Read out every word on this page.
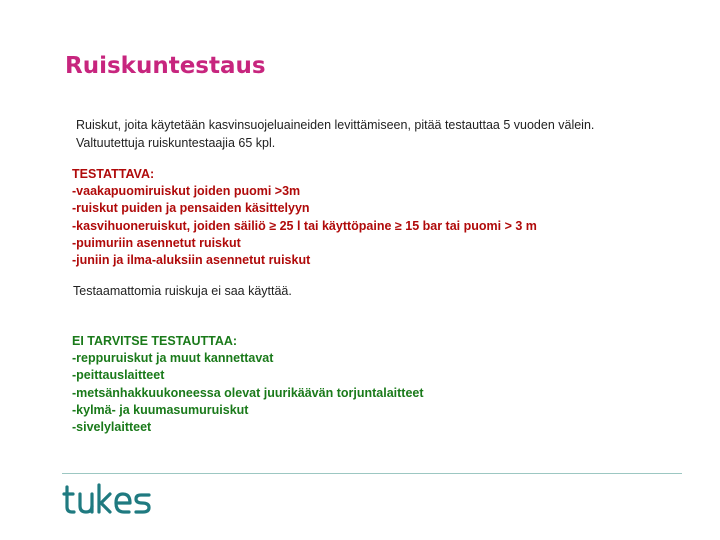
Ruiskuntestaus

Ruiskut, joita käytetään kasvinsuojeluaineiden levittämiseen, pitää testauttaa 5 vuoden välein.

Valtuutettuja ruiskuntestaajia 65 kpl.

TESTATTAVA:
-vaakapuomiruiskut joiden puomi >3m
-ruiskut puiden ja pensaiden käsittelyyn
-kasvihuoneruiskut, joiden säiliö ≥ 25 l tai käyttöpaine ≥ 15 bar tai puomi > 3 m
-puimuriin asennetut ruiskut
-juniin ja ilma-aluksiin asennetut ruiskut
Testaamattomia ruiskuja ei saa käyttää.
EI TARVITSE TESTAUTTAA:
-reppuruiskut ja muut kannettavat
-peittauslaitteet
-metsänhakkuukoneessa olevat juurikäävän torjuntalaitteet
-kylmä- ja kuumasumuruiskut
-sivelylaitteet
